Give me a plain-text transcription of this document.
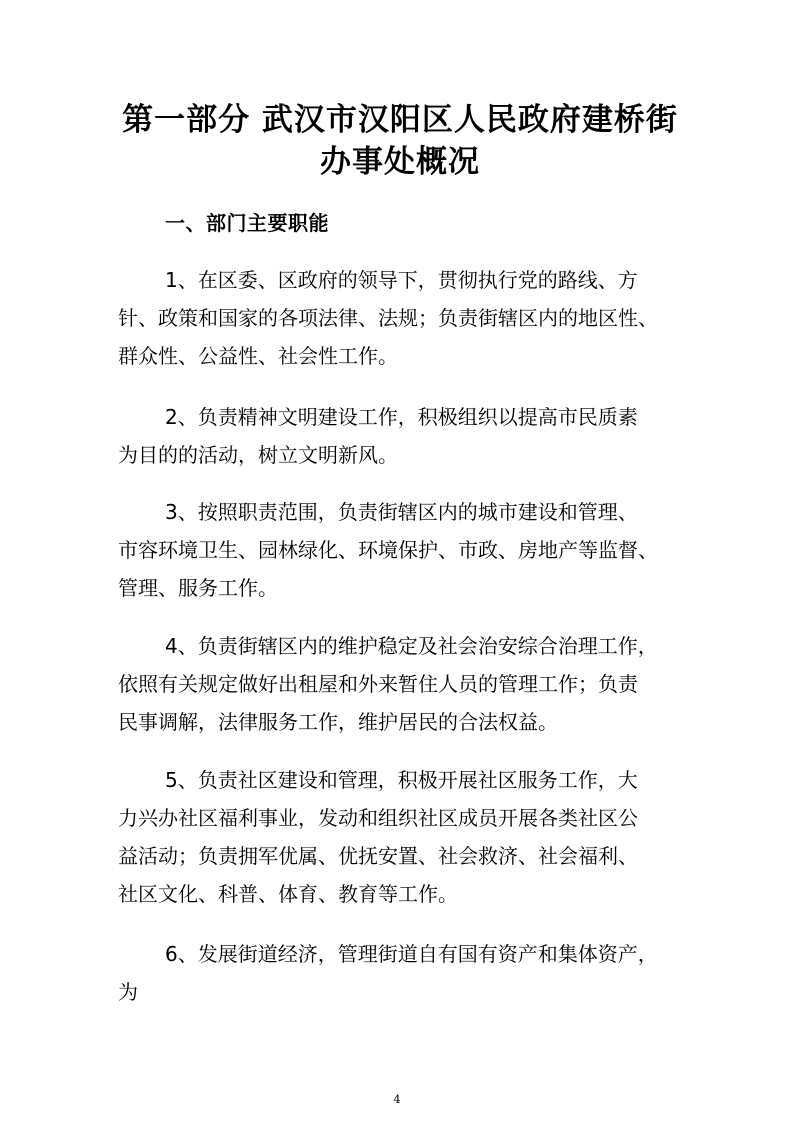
第一部分 武汉市汉阳区人民政府建桥街
办事处概况
一、部门主要职能
1、在区委、区政府的领导下，贯彻执行党的路线、方
针、政策和国家的各项法律、法规；负责街辖区内的地区性、
群众性、公益性、社会性工作。
2、负责精神文明建设工作，积极组织以提高市民质素
为目的的活动，树立文明新风。
3、按照职责范围，负责街辖区内的城市建设和管理、
市容环境卫生、园林绿化、环境保护、市政、房地产等监督、
管理、服务工作。
4、负责街辖区内的维护稳定及社会治安综合治理工作，
依照有关规定做好出租屋和外来暂住人员的管理工作；负责
民事调解，法律服务工作，维护居民的合法权益。
5、负责社区建设和管理，积极开展社区服务工作，大
力兴办社区福利事业，发动和组织社区成员开展各类社区公
益活动；负责拥军优属、优抚安置、社会救济、社会福利、
社区文化、科普、体育、教育等工作。
6、发展街道经济，管理街道自有国有资产和集体资产，
为
4
